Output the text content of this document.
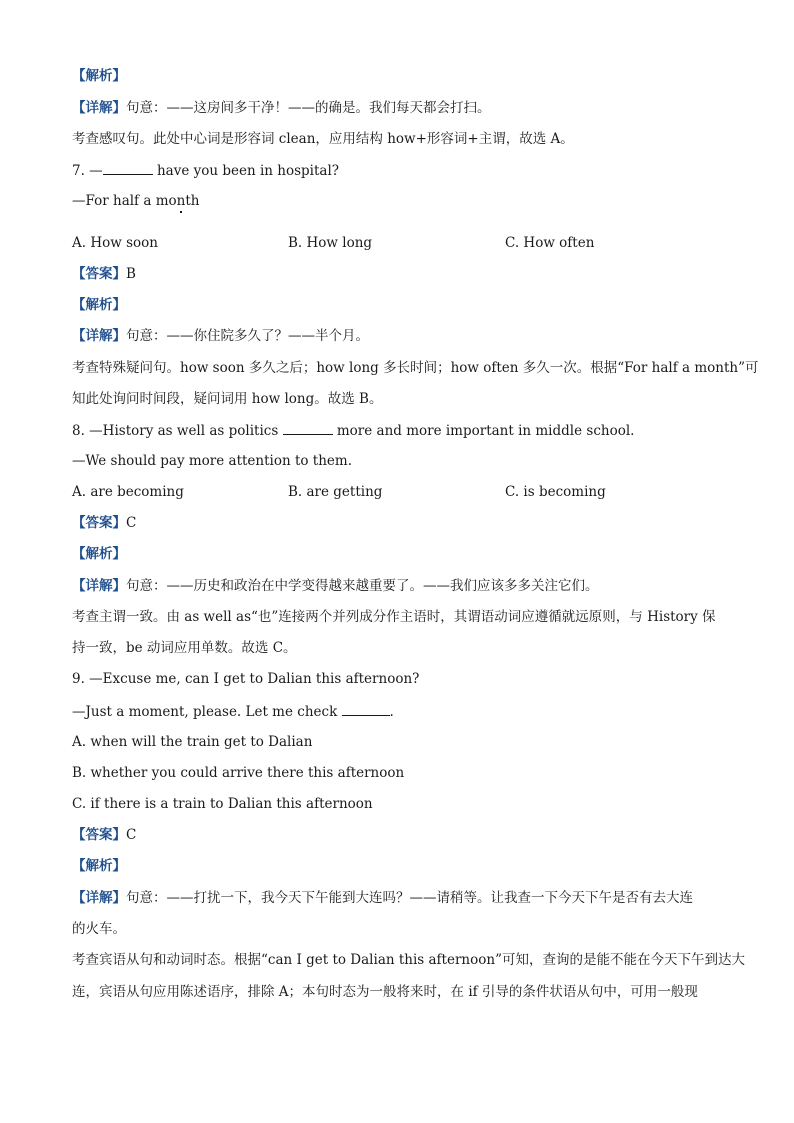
【解析】
【详解】句意：——这房间多干净！——的确是。我们每天都会打扫。
考查感叹句。此处中心词是形容词 clean，应用结构 how+形容词+主谓，故选 A。
7. —	have you been in hospital?
—For half a month
A. How soon	B. How long	C. How often
【答案】B
【解析】
【详解】句意：——你住院多久了？——半个月。
考查特殊疑问句。how soon 多久之后；how long 多长时间；how often 多久一次。根据“For half a month”可
知此处询问时间段，疑问词用 how long。故选 B。
8. —History as well as politics	more and more important in middle school.
—We should pay more attention to them.
A. are becoming	B. are getting	C. is becoming
【答案】C
【解析】
【详解】句意：——历史和政治在中学变得越来越重要了。——我们应该多多关注它们。
考查主谓一致。由 as well as“也”连接两个并列成分作主语时，其谓语动词应遵循就远原则，与 History 保
持一致，be 动词应用单数。故选 C。
9. —Excuse me, can I get to Dalian this afternoon?
—Just a moment, please. Let me check	.
A. when will the train get to Dalian
B. whether you could arrive there this afternoon
C. if there is a train to Dalian this afternoon
【答案】C
【解析】
【详解】句意：——打扰一下，我今天下午能到大连吗？——请稍等。让我查一下今天下午是否有去大连
的火车。
考查宾语从句和动词时态。根据“can I get to Dalian this afternoon”可知，查询的是能不能在今天下午到达大
连，宾语从句应用陈述语序，排除 A；本句时态为一般将来时，在 if 引导的条件状语从句中，可用一般现
